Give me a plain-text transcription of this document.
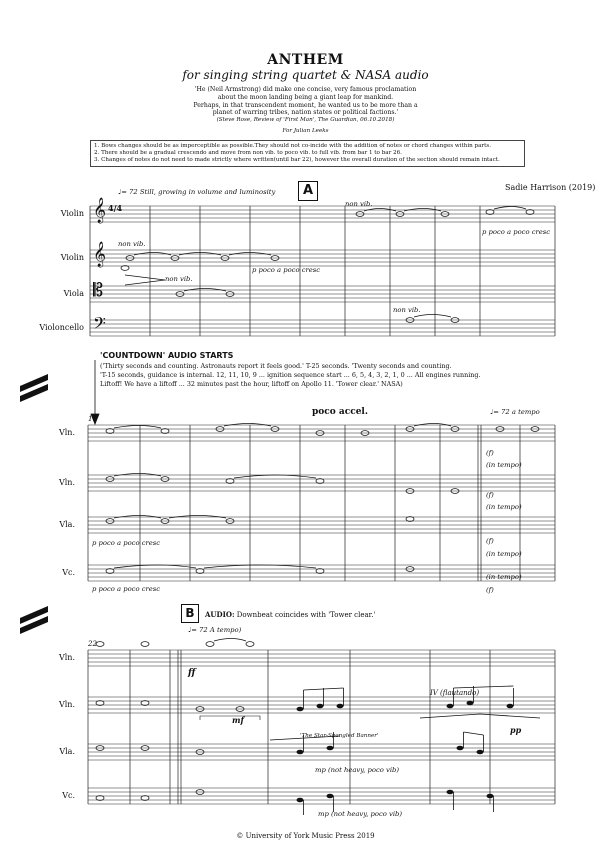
ANTHEM
for singing string quartet & NASA audio
'He (Neil Armstrong) did make one concise, very famous proclamation
about the moon landing being a giant leap for mankind.
Perhaps, in that transcendent moment, he wanted us to be more than a
planet of warring tribes, nation states or political factions.'
(Steve Rose, Review of 'First Man', The Guardian, 06.10.2018)
For Julian Leeks
1. Bows changes should be as imperceptible as possible.They should not co-incide with the addition of notes or chord changes within parts.
2. There should be a gradual crescendo and move from non vib. to poco vib. to full vib. from bar 1 to bar 26.
3. Changes of notes do not need to made strictly where written(until bar 22), however the overall duration of the section should remain intact.
♩= 72 Still, growing in volume and luminosity	A	Sadie Harrison (2019)
Violin
Violin
Viola
Violoncello
𝄞
𝄞
𝄡
𝄢
4/4	non vib.
p poco a poco cresc
non vib.
p poco a poco cresc
non vib.
non vib.
'COUNTDOWN' AUDIO STARTS
('Thirty seconds and counting. Astronauts report it feels good.' T-25 seconds. 'Twenty seconds and counting.
'T-15 seconds, guidance is internal. 12, 11, 10, 9 ... ignition sequence start ... 6, 5, 4, 3, 2, 1, 0 ... All engines running.
Liftoff! We have a liftoff ... 32 minutes past the hour, liftoff on Apollo 11. 'Tower clear.' NASA)
11
poco accel.	♩= 72 a tempo
Vln.
Vln.
Vla.
Vc.
(f)
(in tempo)
(f)
(in tempo)
(f)
(in tempo)
(f)
(in tempo)
p poco a poco cresc
p poco a poco cresc
22
B	AUDIO: Downbeat coincides with 'Tower clear.'
♩= 72 A tempo)
Vln.
Vln.
Vla.
Vc.
ff
mf
IV (flautando)
pp
'The Star-Spangled Banner'
mp (not heavy, poco vib)
mp (not heavy, poco vib)
© University of York Music Press 2019
